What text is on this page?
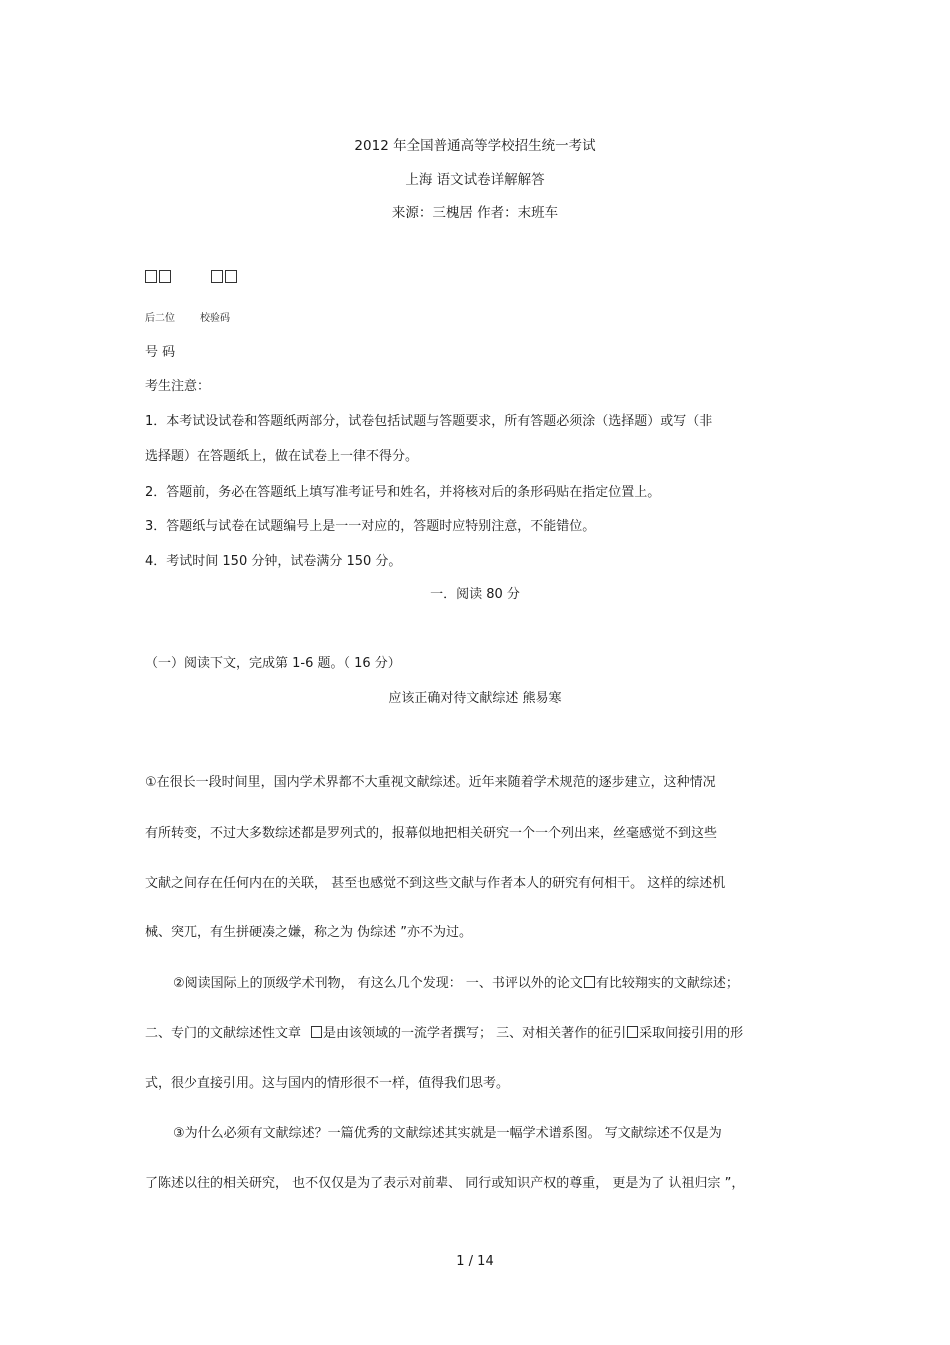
2012 年全国普通高等学校招生统一考试
上海 语文试卷详解解答
来源：三槐居 作者：末班车
后二位	校验码
号 码
考生注意：
1．本考试设试卷和答题纸两部分，试卷包括试题与答题要求，所有答题必须涂（选择题）或写（非
选择题）在答题纸上，做在试卷上一律不得分。
2．答题前，务必在答题纸上填写准考证号和姓名，并将核对后的条形码贴在指定位置上。
3．答题纸与试卷在试题编号上是一一对应的，答题时应特别注意，不能错位。
4．考试时间 150 分钟，试卷满分 150 分。
一．阅读 80 分
（一）阅读下文，完成第 1-6 题。（ 16 分）
应该正确对待文献综述 熊易寒
①在很长一段时间里，国内学术界都不大重视文献综述。近年来随着学术规范的逐步建立，这种情况
有所转变，不过大多数综述都是罗列式的，报幕似地把相关研究一个一个列出来，丝毫感觉不到这些
文献之间存在任何内在的关联， 甚至也感觉不到这些文献与作者本人的研究有何相干。 这样的综述机
械、突兀，有生拼硬凑之嫌，称之为 伪综述 ”亦不为过。
②阅读国际上的顶级学术刊物， 有这么几个发现： 一、书评以外的论文 有比较翔实的文献综述；
二、专门的文献综述性文章 是由该领域的一流学者撰写； 三、对相关著作的征引 采取间接引用的形
式，很少直接引用。这与国内的情形很不一样，值得我们思考。
③为什么必须有文献综述？一篇优秀的文献综述其实就是一幅学术谱系图。 写文献综述不仅是为
了陈述以往的相关研究， 也不仅仅是为了表示对前辈、 同行或知识产权的尊重， 更是为了 认祖归宗 ”，
1 / 14
